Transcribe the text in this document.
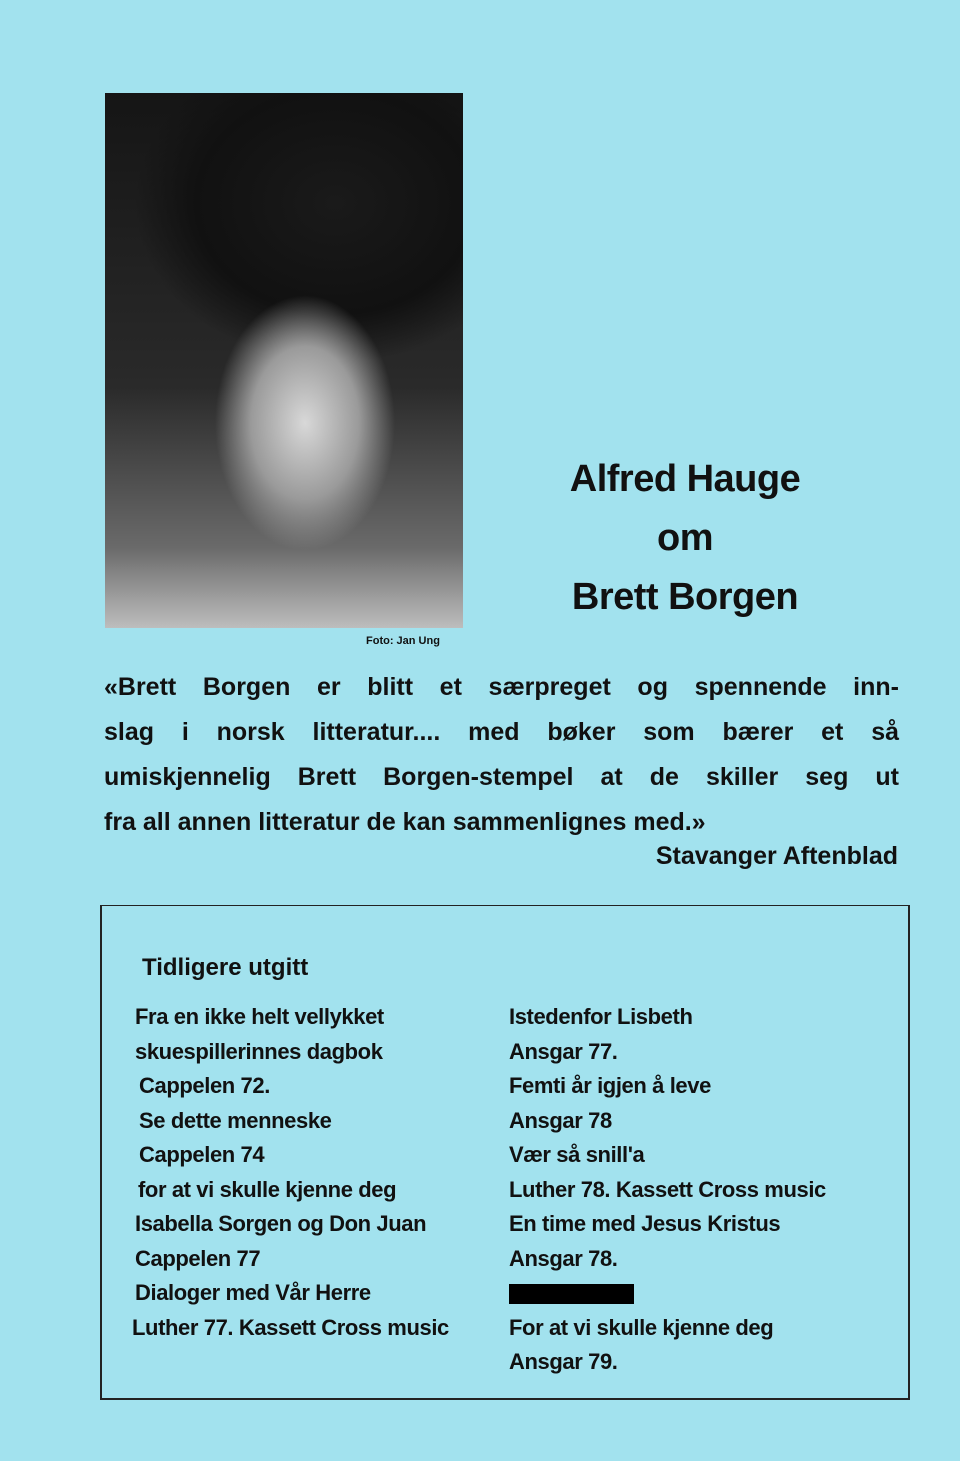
Foto: Jan Ung
Alfred Hauge
om
Brett Borgen
«Brett Borgen er blitt et særpreget og spennende inn-
slag i norsk litteratur.... med bøker som bærer et så
umiskjennelig Brett Borgen-stempel at de skiller seg ut
fra all annen litteratur de kan sammenlignes med.»
Stavanger Aftenblad
Tidligere utgitt
Fra en ikke helt vellykket
skuespillerinnes dagbok
Cappelen 72.
Se dette menneske
Cappelen 74
for at vi skulle kjenne deg
Isabella Sorgen og Don Juan
Cappelen 77
Dialoger med Vår Herre
Luther 77. Kassett Cross music
Istedenfor Lisbeth
Ansgar 77.
Femti år igjen å leve
Ansgar 78
Vær så snill'a
Luther 78. Kassett Cross music
En time med Jesus Kristus
Ansgar 78.
For at vi skulle kjenne deg
Ansgar 79.
